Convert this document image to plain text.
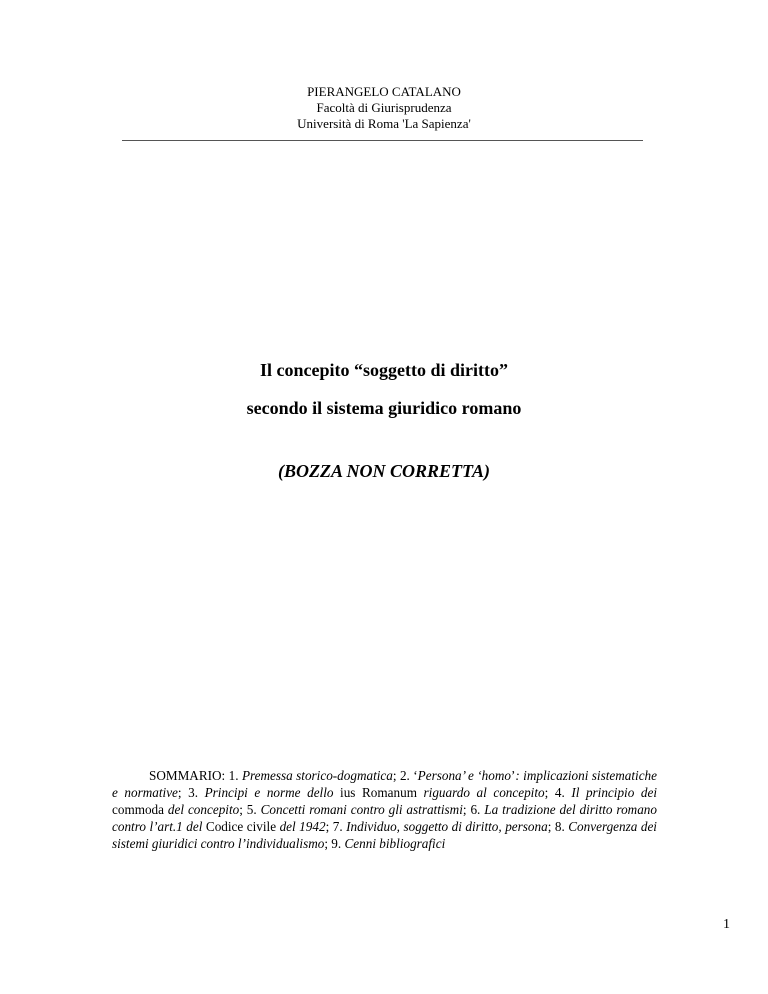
PIERANGELO CATALANO
Facoltà di Giurisprudenza
Università di Roma 'La Sapienza'
Il concepito “soggetto di diritto”
secondo il sistema giuridico romano
(BOZZA NON CORRETTA)

SOMMARIO: 1. Premessa storico-dogmatica; 2. ‘Persona’ e ‘homo’: implicazioni sistematiche e normative; 3. Principi e norme dello ius Romanum riguardo al concepito; 4. Il principio dei commoda del concepito; 5. Concetti romani contro gli astrattismi; 6. La tradizione del diritto romano contro l’art.1 del Codice civile del 1942; 7. Individuo, soggetto di diritto, persona; 8. Convergenza dei sistemi giuridici contro l’individualismo; 9. Cenni bibliografici

1
